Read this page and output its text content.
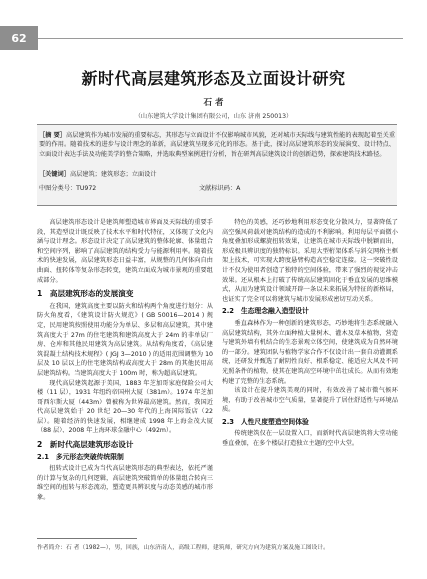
62
新时代高层建筑形态及立面设计研究
石 者
（山东建筑大学设计集团有限公司，山东 济南 250013）
［摘 要］高层建筑作为城市发展的重要标志，其形态与立面设计不仅影响城市风貌，还对城市天际线与建筑性能的表现起着至关重要的作用。随着技术的进步与设计理念的革新，高层建筑呈现多元化的形态。基于此，探讨高层建筑形态的发展演变、设计特点、立面设计表达手法及功能美学的整合策略，并选取典型案例进行分析，旨在研判高层建筑设计的创新趋势，探索建筑技术路径。
［关键词］高层建筑；建筑形态；立面设计
中图分类号：TU972	文献标识码：A

高层建筑形态设计是建筑师塑造城市界面及天际线的重要手段，其造型设计既反映了技术水平和时代特征，又体现了文化内涵与设计理念。形态设计决定了高层建筑的整体轮廓、体量组合和空间序列，影响了高层建筑的结构受力与能源利用率。随着技术的快速发展，高层建筑形态日益丰富，从规整的几何体向自由曲面、扭转体等复杂形态转变，建筑立面成为城市景观的重要组成部分。

1　高层建筑形态的发展演变

在我国，建筑高度主要以防火和结构两个角度进行划分：从防火角度看，《建筑设计防火规范》( GB 50016—2014 ) 规定，民用建筑按照使用功能分为单层、多层和高层建筑，其中建筑高度大于 27m 的住宅建筑和建筑高度大于 24m 的非单层厂房、仓库和其他民用建筑为高层建筑。从结构角度看，《高层建筑混凝土结构技术规程》( JGJ 3—2010 ) 的适用范围调整为 10 层及 10 层以上的住宅建筑结构或高度大于 28m 的其他民用高层建筑结构。当建筑高度大于 100m 时，称为超高层建筑。

现代高层建筑起源于美国，1883 年芝加哥家庭保险公司大楼（11 层），1931 年纽约帝国州大厦（381m）。1974 年芝加哥西尔斯大厦（443m）曾被称为世界最高建筑。然而，我国近代高层建筑始于 20 世纪 20—30 年代的上海国际饭店（22 层）。随着经济的快速发展，相继建成 1998 年上海金茂大厦（88 层）、2008 年上海环球金融中心（492m）。

2　新时代高层建筑形态设计
2.1　多元形态突破传统限制

扭转式设计已成为当代高层建筑形态的典型表达，依托严谨的计算与复杂的几何逻辑，高层建筑突破简单的体量组合转向三维空间的扭转与形态流动，塑造更具辨识度与动态美感的城市形象。

特色的美感，还巧妙地利用形态变化分散风力，显著降低了高空强风荷载对建筑结构的造成的不利影响。利用每层平面微小角度叠加形成螺旋扭转效果，让建筑在城市天际线中脱颖而出，形成极具辨识度的独特标识。采用大型桁架体系与斜交网格主框架上技术，可实现大跨度悬臂构造高空稳定连接。这一突破性设计不仅为使用者创造了独特的空间体验，带来了强烈的视觉冲击效果。还从根本上打破了传统高层建筑固化于垂直发展的思维模式，从而为建筑设计领域开辟一条以未来拓展为特征的新格局，也证实了完全可以将建筑与城市发展形成密切互动关系。

2.2　生态理念融入造型设计

垂直森林作为一种创新的建筑形态，巧妙地将生态系统融入高层建筑结构，其外立面种植大量树木、灌木及草本植物，营造与建筑外墙有机结合的生态景观立体空间，使建筑成为自然环境的一部分。建筑团队与植物学家合作不仅设计出一套自动灌溉系统，还研发并甄选了耐阴性良好、根系稳定、能适应大风及不同光照条件的植物，使其在建筑高空环境中茁壮成长。从而有效地构建了完整的生态系统。

该设计在提升建筑美观的同时，有效改善了城市微气候环境，有助于改善城市空气质量，显著提升了居住舒适性与环境品质。

2.3　人性尺度塑造空间体验

传统建筑仅在一层设置入口，而新时代高层建筑将大堂功能垂直叠加，在多个楼层打造独立主题的空中大堂。

作者简介：石 者（1982—），男，回族，山东济南人，高级工程师，建筑师，研究方向为建筑方案及施工图设计。
